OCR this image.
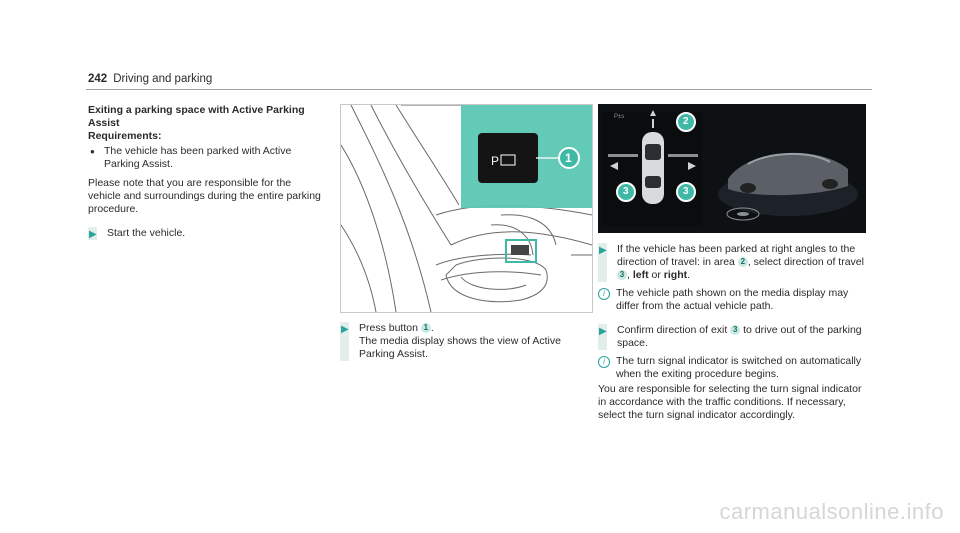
242 Driving and parking
Exiting a parking space with Active Parking Assist
Requirements:
● The vehicle has been parked with Active Parking Assist.
Please note that you are responsible for the vehicle and surroundings during the entire parking procedure.
▶ Start the vehicle.
P	1
P±s	2
3	3
▶ Press button 1 .
The media display shows the view of Active Parking Assist.
▶ If the vehicle has been parked at right angles to the direction of travel: in area 2 , select direction of travel 3 , left or right.
i	The vehicle path shown on the media display may differ from the actual vehicle path.
▶ Confirm direction of exit 3 to drive out of the parking space.
i	The turn signal indicator is switched on automatically when the exiting procedure begins.
You are responsible for selecting the turn signal indicator in accordance with the traffic conditions. If necessary, select the turn signal indicator accordingly.
carmanualsonline.info
